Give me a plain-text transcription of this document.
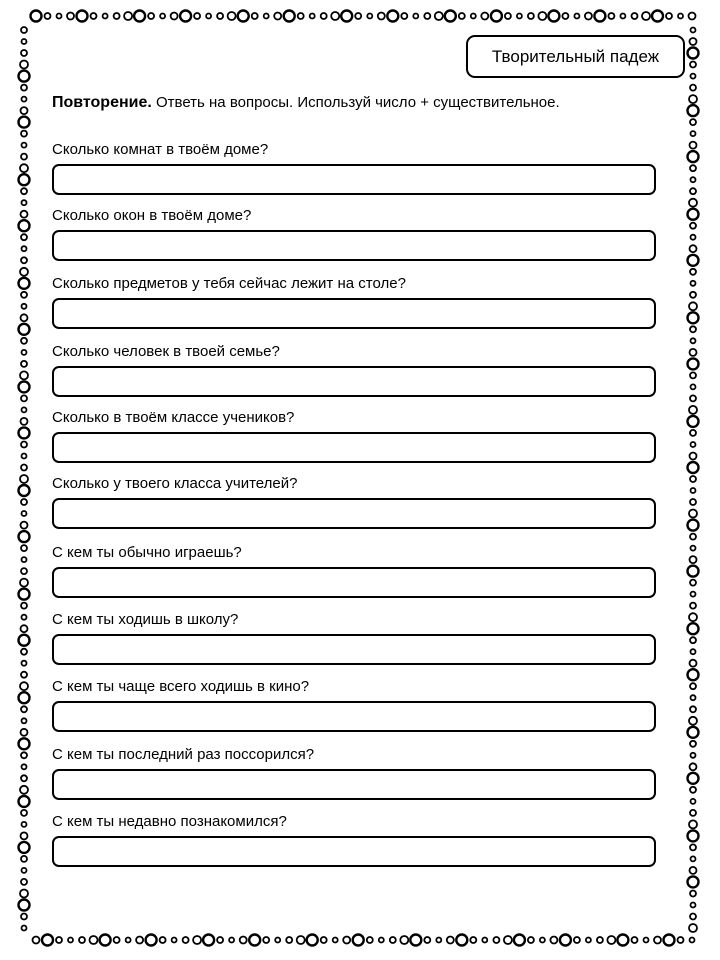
Творительный падеж
Повторение. Ответь на вопросы. Используй число + существительное.
Сколько комнат в твоём доме?
Сколько окон в твоём доме?
Сколько предметов у тебя сейчас лежит на столе?
Сколько человек в твоей семье?
Сколько в твоём классе учеников?
Сколько у твоего класса учителей?
С кем ты обычно играешь?
С кем ты ходишь в школу?
С кем ты чаще всего ходишь в кино?
С кем ты последний раз поссорился?
С кем ты недавно познакомился?
